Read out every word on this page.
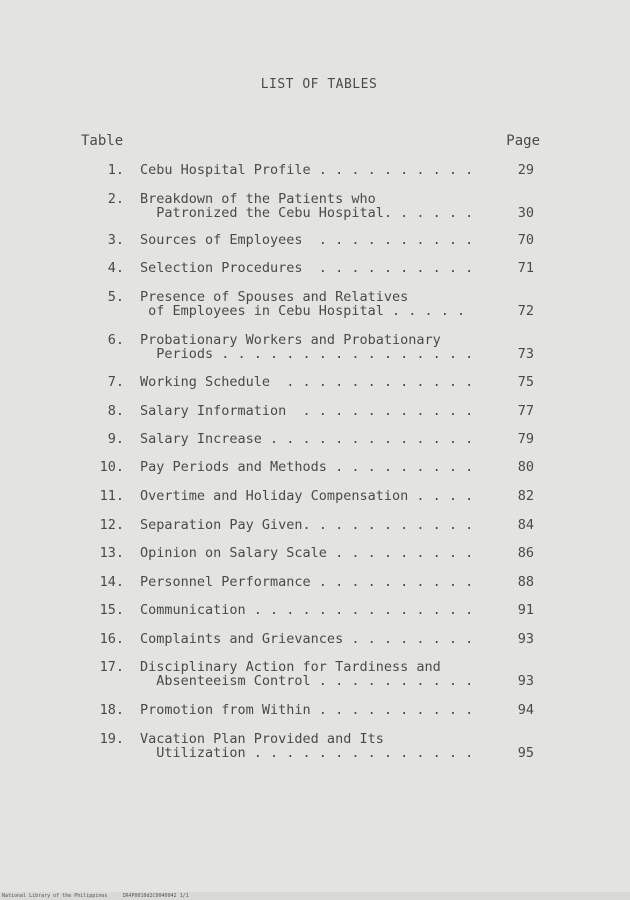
LIST OF TABLES
Table	Page
1. Cebu Hospital Profile . . . . . . . . . .	29
2. Breakdown of the Patients who
Patronized the Cebu Hospital. . . . . .	30
3. Sources of Employees  . . . . . . . . . .	70
4. Selection Procedures  . . . . . . . . . .	71
5. Presence of Spouses and Relatives
of Employees in Cebu Hospital . . . . .	72
6. Probationary Workers and Probationary
Periods . . . . . . . . . . . . . . . .	73
7. Working Schedule  . . . . . . . . . . . .	75
8. Salary Information  . . . . . . . . . . .	77
9. Salary Increase . . . . . . . . . . . . .	79
10. Pay Periods and Methods . . . . . . . . .	80
11. Overtime and Holiday Compensation . . . .	82
12. Separation Pay Given. . . . . . . . . . .	84
13. Opinion on Salary Scale . . . . . . . . .	86
14. Personnel Performance . . . . . . . . . .	88
15. Communication . . . . . . . . . . . . . .	91
16. Complaints and Grievances . . . . . . . .	93
17. Disciplinary Action for Tardiness and
Absenteeism Control . . . . . . . . . .	93
18. Promotion from Within . . . . . . . . . .	94
19. Vacation Plan Provided and Its
Utilization . . . . . . . . . . . . . .	95
National Library of the Philippines     IR4P0010d2C0040042 1/1
